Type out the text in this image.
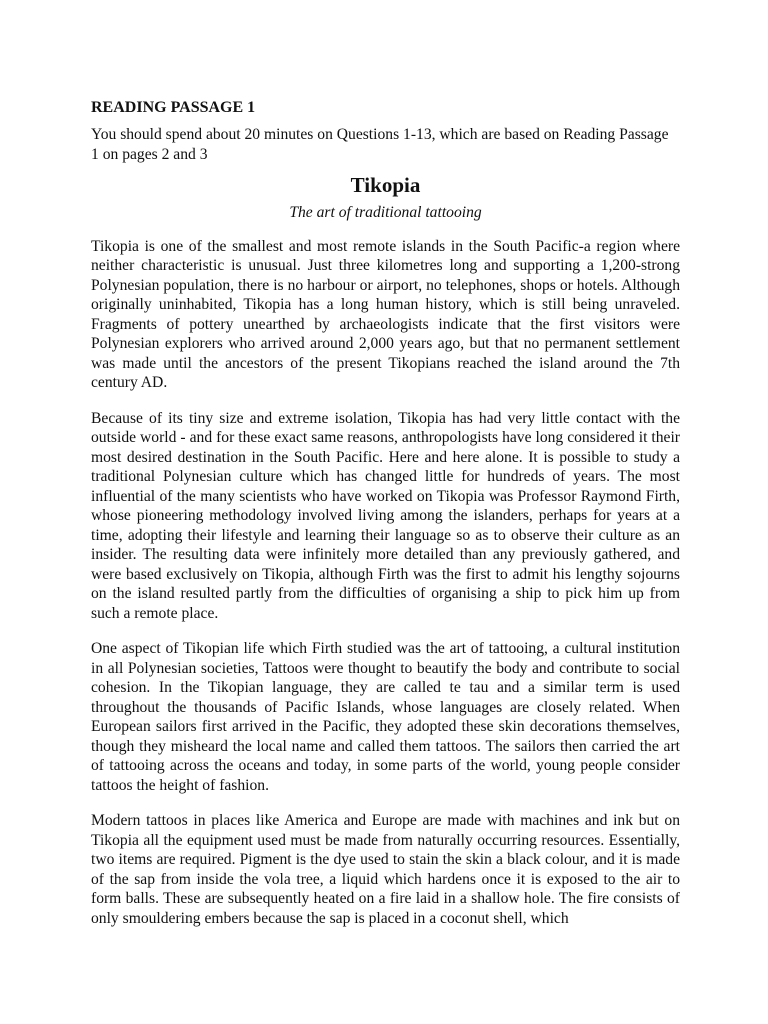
READING PASSAGE 1
You should spend about 20 minutes on Questions 1-13, which are based on Reading Passage 1 on pages 2 and 3
Tikopia
The art of traditional tattooing

Tikopia is one of the smallest and most remote islands in the South Pacific-a region where neither characteristic is unusual. Just three kilometres long and supporting a 1,200-strong Polynesian population, there is no harbour or airport, no telephones, shops or hotels. Although originally uninhabited, Tikopia has a long human history, which is still being unraveled. Fragments of pottery unearthed by archaeologists indicate that the first visitors were Polynesian explorers who arrived around 2,000 years ago, but that no permanent settlement was made until the ancestors of the present Tikopians reached the island around the 7th century AD.

Because of its tiny size and extreme isolation, Tikopia has had very little contact with the outside world - and for these exact same reasons, anthropologists have long considered it their most desired destination in the South Pacific. Here and here alone. It is possible to study a traditional Polynesian culture which has changed little for hundreds of years. The most influential of the many scientists who have worked on Tikopia was Professor Raymond Firth, whose pioneering methodology involved living among the islanders, perhaps for years at a time, adopting their lifestyle and learning their language so as to observe their culture as an insider. The resulting data were infinitely more detailed than any previously gathered, and were based exclusively on Tikopia, although Firth was the first to admit his lengthy sojourns on the island resulted partly from the difficulties of organising a ship to pick him up from such a remote place.

One aspect of Tikopian life which Firth studied was the art of tattooing, a cultural institution in all Polynesian societies, Tattoos were thought to beautify the body and contribute to social cohesion. In the Tikopian language, they are called te tau and a similar term is used throughout the thousands of Pacific Islands, whose languages are closely related. When European sailors first arrived in the Pacific, they adopted these skin decorations themselves, though they misheard the local name and called them tattoos. The sailors then carried the art of tattooing across the oceans and today, in some parts of the world, young people consider tattoos the height of fashion.

Modern tattoos in places like America and Europe are made with machines and ink but on Tikopia all the equipment used must be made from naturally occurring resources. Essentially, two items are required. Pigment is the dye used to stain the skin a black colour, and it is made of the sap from inside the vola tree, a liquid which hardens once it is exposed to the air to form balls. These are subsequently heated on a fire laid in a shallow hole. The fire consists of only smouldering embers because the sap is placed in a coconut shell, which
